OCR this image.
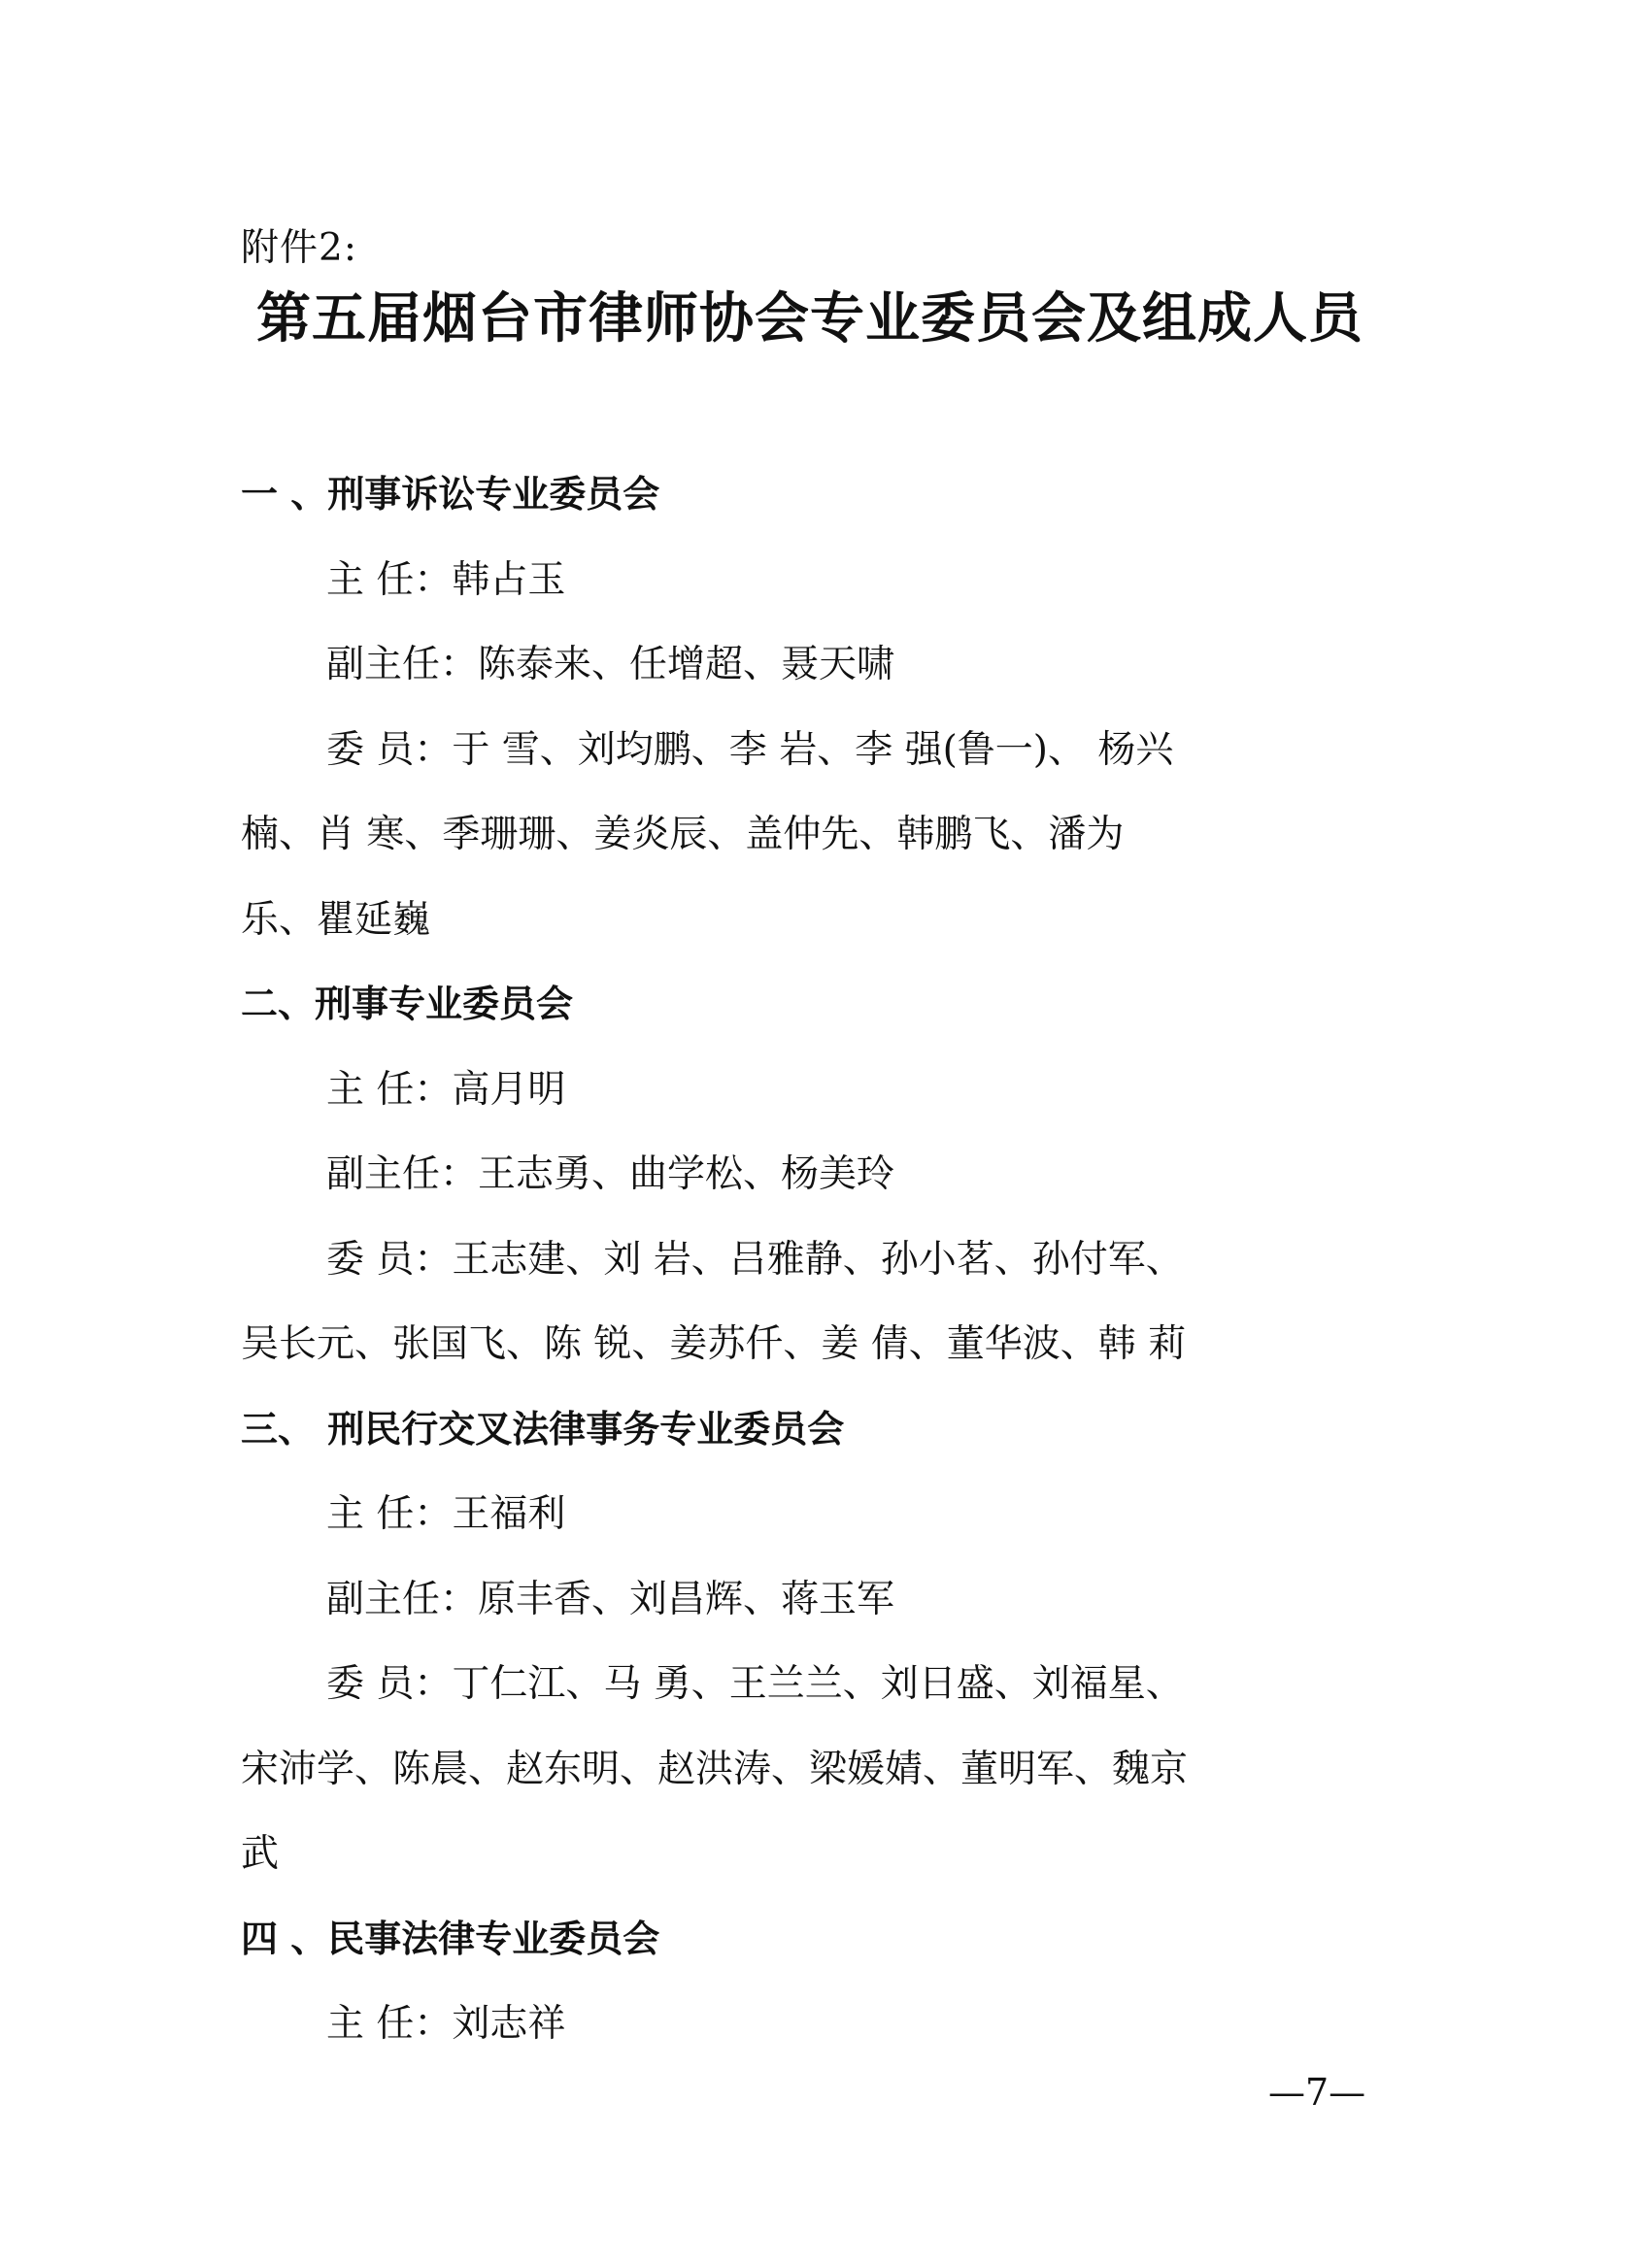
附件2:
第五届烟台市律师协会专业委员会及组成人员
一 、刑事诉讼专业委员会
主 任：韩占玉
副主任：陈泰来、任增超、聂天啸
委 员：于 雪、刘均鹏、李 岩、李 强(鲁一)、 杨兴
楠、肖 寒、季珊珊、姜炎辰、盖仲先、韩鹏飞、潘为
乐、瞿延巍
二、刑事专业委员会
主 任：高月明
副主任：王志勇、曲学松、杨美玲
委 员：王志建、刘 岩、吕雅静、孙小茗、孙付军、
吴长元、张国飞、陈 锐、姜苏仟、姜 倩、董华波、韩 莉
三、 刑民行交叉法律事务专业委员会
主 任：王福利
副主任：原丰香、刘昌辉、蒋玉军
委 员：丁仁江、马 勇、王兰兰、刘日盛、刘福星、
宋沛学、陈晨、赵东明、赵洪涛、梁媛婧、董明军、魏京
武
四 、民事法律专业委员会
主 任：刘志祥
—7—
